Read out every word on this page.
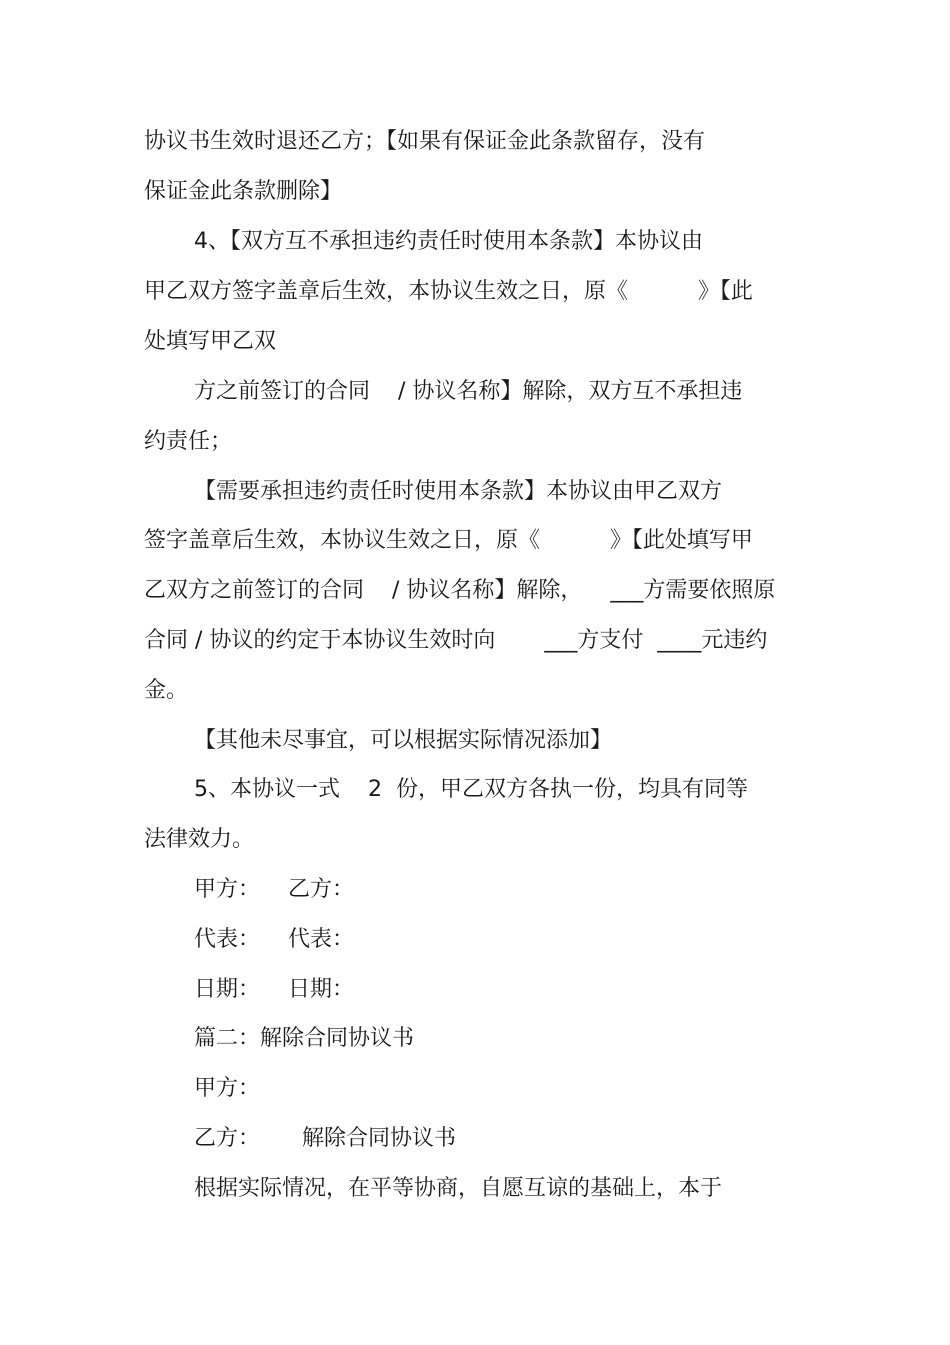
协议书生效时退还乙方；【如果有保证金此条款留存，没有
保证金此条款删除】
4、【双方互不承担违约责任时使用本条款】本协议由
甲乙双方签字盖章后生效，本协议生效之日，原《          》【此
处填写甲乙双
方之前签订的合同    / 协议名称】解除，双方互不承担违
约责任；
【需要承担违约责任时使用本条款】本协议由甲乙双方
签字盖章后生效，本协议生效之日，原《          》【此处填写甲
乙双方之前签订的合同    / 协议名称】解除，    ___方需要依照原
合同 / 协议的约定于本协议生效时向       ___方支付  ____元违约
金。
【其他未尽事宜，可以根据实际情况添加】
5、本协议一式    2  份，甲乙双方各执一份，均具有同等
法律效力。
甲方：    乙方：
代表：    代表：
日期：    日期：
篇二：解除合同协议书
甲方：
乙方：      解除合同协议书
根据实际情况，在平等协商，自愿互谅的基础上，本于
